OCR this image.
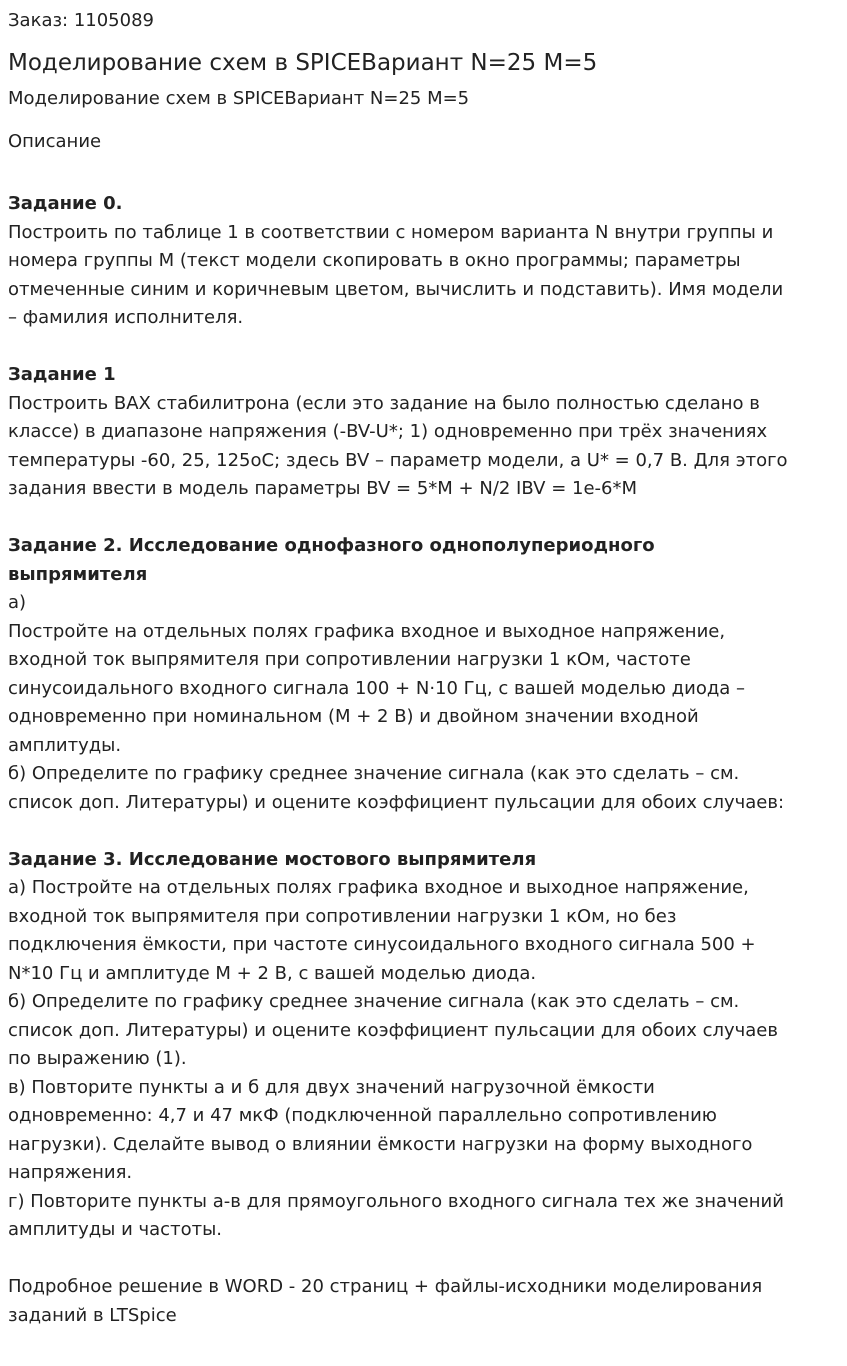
Заказ: 1105089
Моделирование схем в SPICEВариант N=25 M=5
Моделирование схем в SPICEВариант N=25 M=5
Описание
Задание 0.
Построить по таблице 1 в соответствии с номером варианта N внутри группы и
номера группы M (текст модели скопировать в окно программы; параметры
отмеченные синим и коричневым цветом, вычислить и подставить). Имя модели
– фамилия исполнителя.
Задание 1
Построить ВАХ стабилитрона (если это задание на было полностью сделано в
классе) в диапазоне напряжения (-BV-U*; 1) одновременно при трёх значениях
температуры -60, 25, 125oC; здесь BV – параметр модели, а U* = 0,7 В. Для этого
задания ввести в модель параметры BV = 5*M + N/2 IBV = 1e-6*M
Задание 2. Исследование однофазного однополупериодного
выпрямителя
а)
Постройте на отдельных полях графика входное и выходное напряжение,
входной ток выпрямителя при сопротивлении нагрузки 1 кОм, частоте
синусоидального входного сигнала 100 + N·10 Гц, с вашей моделью диода –
одновременно при номинальном (M + 2 В) и двойном значении входной
амплитуды.
б) Определите по графику среднее значение сигнала (как это сделать – см.
список доп. Литературы) и оцените коэффициент пульсации для обоих случаев:
Задание 3. Исследование мостового выпрямителя
а) Постройте на отдельных полях графика входное и выходное напряжение,
входной ток выпрямителя при сопротивлении нагрузки 1 кОм, но без
подключения ёмкости, при частоте синусоидального входного сигнала 500 +
N*10 Гц и амплитуде M + 2 В, с вашей моделью диода.
б) Определите по графику среднее значение сигнала (как это сделать – см.
список доп. Литературы) и оцените коэффициент пульсации для обоих случаев
по выражению (1).
в) Повторите пункты а и б для двух значений нагрузочной ёмкости
одновременно: 4,7 и 47 мкФ (подключенной параллельно сопротивлению
нагрузки). Сделайте вывод о влиянии ёмкости нагрузки на форму выходного
напряжения.
г) Повторите пункты а-в для прямоугольного входного сигнала тех же значений
амплитуды и частоты.
Подробное решение в WORD - 20 страниц + файлы-исходники моделирования
заданий в LTSpice
